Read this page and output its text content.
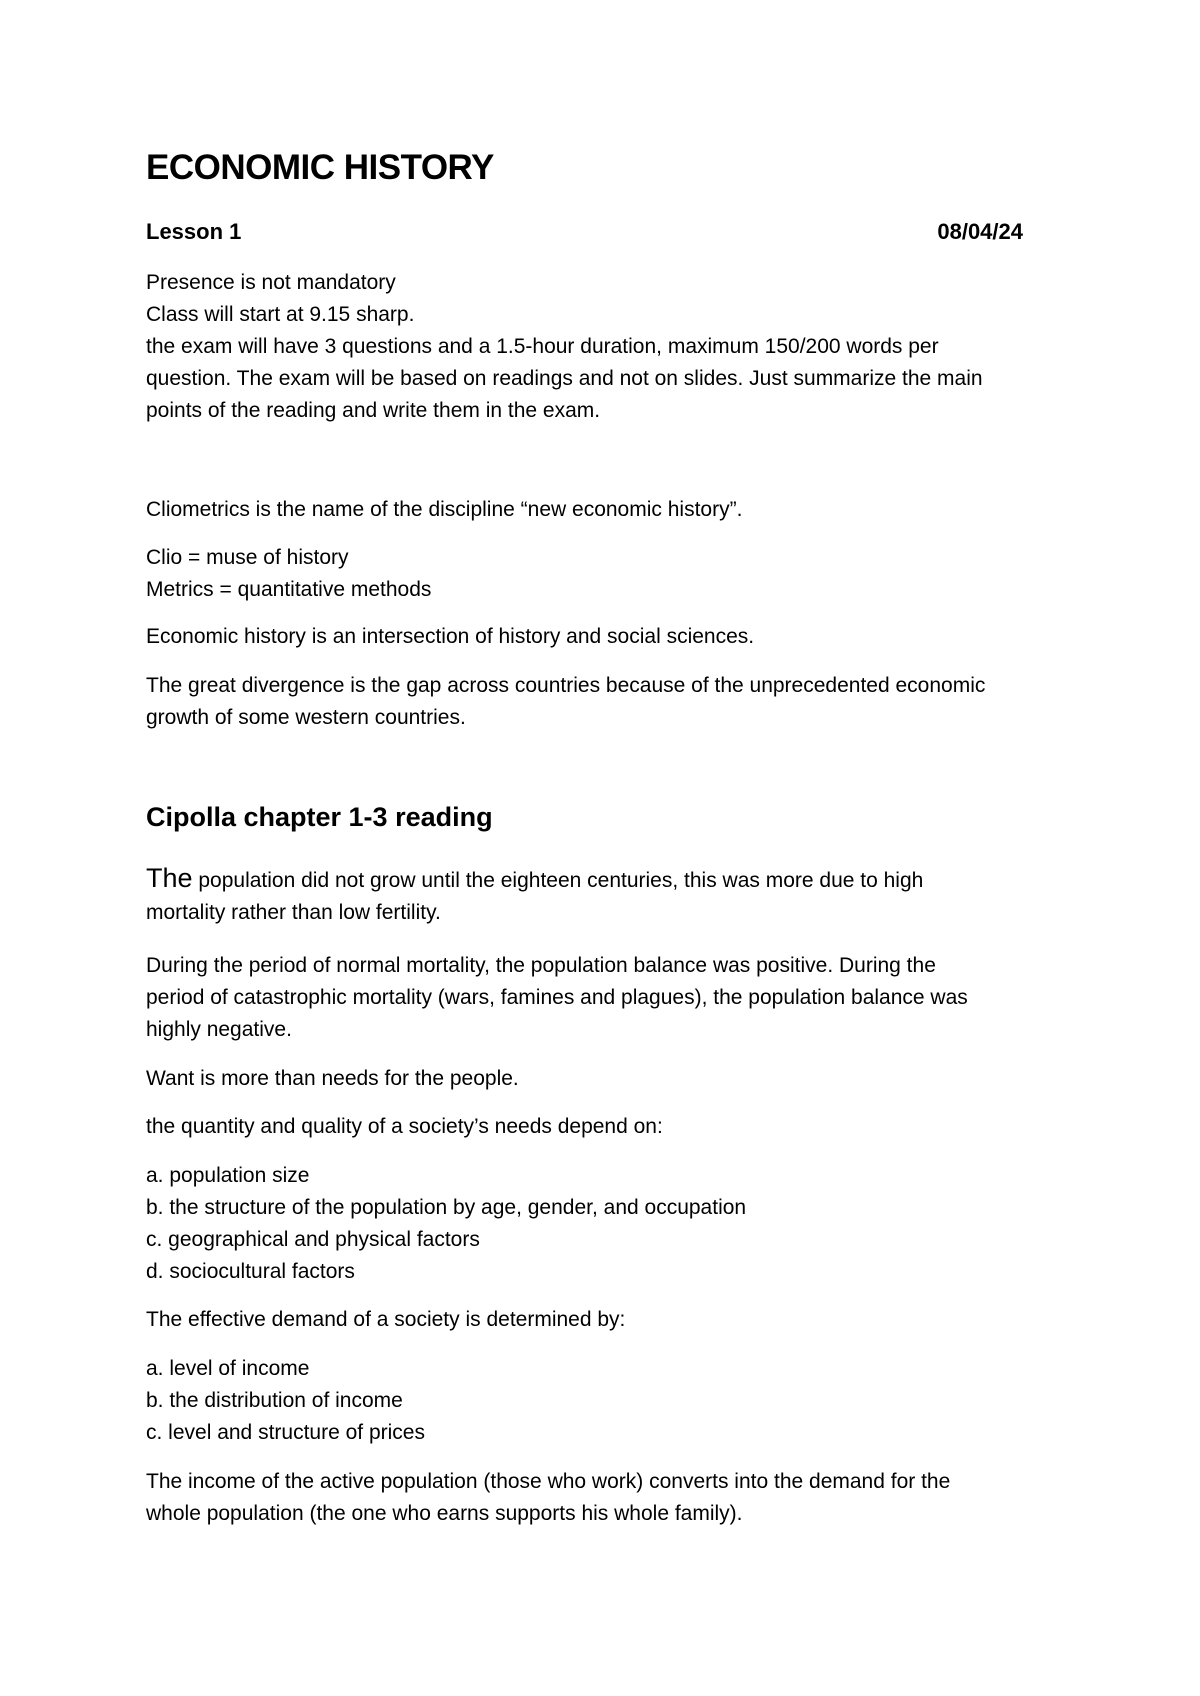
ECONOMIC HISTORY
Lesson 1	08/04/24

Presence is not mandatory

Class will start at 9.15 sharp.

the exam will have 3 questions and a 1.5-hour duration, maximum 150/200 words per

question. The exam will be based on readings and not on slides. Just summarize the main

points of the reading and write them in the exam.

Cliometrics is the name of the discipline “new economic history”.

Clio = muse of history

Metrics = quantitative methods

Economic history is an intersection of history and social sciences.

The great divergence is the gap across countries because of the unprecedented economic

growth of some western countries.

Cipolla chapter 1-3 reading

The population did not grow until the eighteen centuries, this was more due to high

mortality rather than low fertility.

During the period of normal mortality, the population balance was positive. During the

period of catastrophic mortality (wars, famines and plagues), the population balance was

highly negative.

Want is more than needs for the people.

the quantity and quality of a society’s needs depend on:

a. population size
b. the structure of the population by age, gender, and occupation
c. geographical and physical factors
d. sociocultural factors

The effective demand of a society is determined by:

a. level of income
b. the distribution of income
c. level and structure of prices

The income of the active population (those who work) converts into the demand for the

whole population (the one who earns supports his whole family).
